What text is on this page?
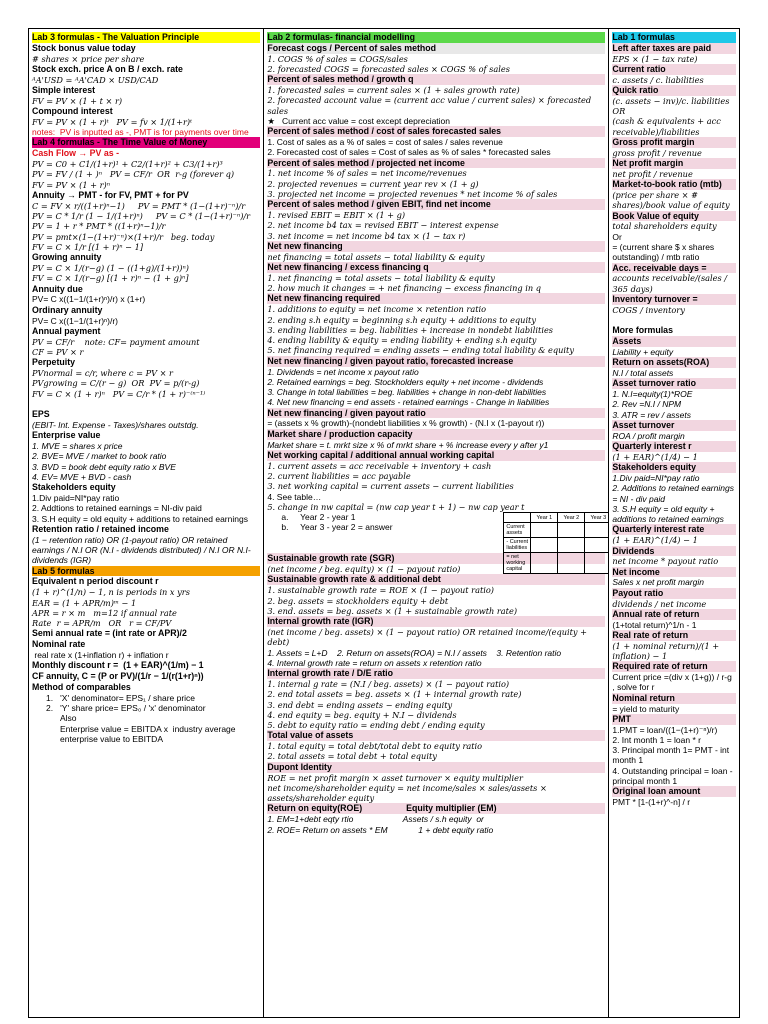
Lab 3 formulas - The Valuation Principle
Stock bonus value today
# shares × price per share
Stock exch. price A on B / exch. rate
ᴬA'USD = ᴬA'CAD × USD/CAD
Simple interest
FV = PV × (1 + t × r)
Compound interest
FV = PV × (1 + r)ᵗ   PV = fv × 1/(1+r)ᵗ
notes:  PV is inputted as -, PMT is for payments over time
Lab 4 formulas - The Time Value of Money
Cash Flow → PV as -
PV = C0 + C1/(1+r)¹ + C2/(1+r)² + C3/(1+r)³
PV = FV / (1 + )ⁿ   PV = CF/r  OR  r-g (forever q)
FV = PV × (1 + r)ⁿ
Annuity → PMT - for FV, PMT + for PV
C = FV × r/((1+r)ⁿ−1)     PV = PMT * (1−(1+r)⁻ⁿ)/r
PV = C * 1/r (1 − 1/(1+r)ⁿ)     PV = C * (1−(1+r)⁻ⁿ)/r
PV = 1 + r * PMT * ((1+r)ⁿ−1)/r
PV = pmt×(1−(1+r)⁻ⁿ)×(1+r)/r   beg. today
FV = C × 1/r [(1 + r)ⁿ − 1]
Growing annuity
PV = C × 1/(r−g) (1 − ((1+g)/(1+r))ⁿ)
FV = C × 1/(r−g) [(1 + r)ⁿ − (1 + g)ⁿ]
Annuity due
PV= C x((1−1/(1+r)ⁿ)/r) x (1+r)
Ordinary annuity
PV= C x((1−1/(1+r)ⁿ)/r)
Annual payment
PV = CF/r    note: CF= payment amount
CF = PV × r
Perpetuity
PVnormal = c/r, where c = PV × r
PVgrowing = C/(r − g)  OR  PV = p/(r-g)
FV = C × (1 + r)ⁿ   PV = C/r * (1 + r)⁻⁽ⁿ⁻¹⁾

EPS
(EBIT- Int. Expense - Taxes)/shares outstdg.
Enterprise value
1. MVE = shares x price
2. BVE= MVE / market to book ratio
3. BVD = book debt equity ratio x BVE
4. EV= MVE + BVD - cash
Stakeholders equity
1.Div paid=NI*pay ratio
2. Addtions to retained earnings = NI-div paid
3. S.H equity = old equity + additions to retained earnings
Retention ratio / retained income
(1 − retention ratio) OR (1-payout ratio) OR retained earnings / N.I OR (N.I - dividends distributed) / N.I OR N.I-dividends (IGR)
Lab 5 formulas
Equivalent n period discount r
(1 + r)^(1/n) − 1, n is periods in x yrs
EAR = (1 + APR/m)ᵐ − 1
APR = r × m   m=12 if annual rate
Rate  r = APR/m   OR   r = CF/PV
Semi annual rate = (int rate or APR)/2
Nominal rate
real rate x (1+inflation r) + inflation r
Monthly discount r =  (1 + EAR)^(1/m) − 1
CF annuity, C = (P or PV)/(1/r − 1/(r(1+r)ⁿ))
Method of comparables
1.   'X' denominator= EPS₁ / share price
2.   'Y' share price= EPS₀ / 'x' denominator
Also
Enterprise value = EBITDA x  industry average enterprise value to EBITDA
Lab 2 formulas- financial modelling
Forecast cogs / Percent of sales method
1. COGS % of sales = COGS/sales
2. forecasted COGS = forecasted sales × COGS % of sales
Percent of sales method / growth q
1. forecasted sales = current sales × (1 + sales growth rate)
2. forecasted account value = (current acc value / current sales) × forecasted sales
★   Current acc value = cost except depreciation
Percent of sales method / cost of sales forecasted sales
1. Cost of sales as a % of sales = cost of sales / sales revenue
2. Forecasted cost of sales = Cost of sales as % of sales * forecasted sales
Percent of sales method / projected net income
1. net income % of sales = net income/revenues
2. projected revenues = current year rev × (1 + g)
3. projected net income = projected revenues * net income % of sales
Percent of sales method / given EBIT, find net income
1. revised EBIT = EBIT × (1 + g)
2. net income b4 tax = revised EBIT − interest expense
3. net income = net income b4 tax × (1 − tax r)
Net new financing
net financing = total assets − total liability & equity
Net new financing / excess financing q
1. net financing = total assets − total liability & equity
2. how much it changes = + net financing − excess financing in q
Net new financing required
1. additions to equity = net income × retention ratio
2. ending s.h equity = beginning s.h equity + additions to equity
3. ending liabilities = beg. liabilities + increase in nondebt liabilities
4. ending liability & equity = ending liability + ending s.h equity
5. net financing required = ending assets − ending total liability & equity
Net new financing / given payout ratio, forecasted increase
1. Dividends = net income x payout ratio
2. Retained earnings = beg. Stockholders equity + net income - dividends
3. Change in total liabilities = beg. liabilities + change in non-debt liabilities
4. Net new financing = end assets - retained earnings - Change in liabilities
Net new financing / given payout ratio
= (assets x % growth)-(nondebt liabilities x % growth) - (N.I x (1-payout r))
Market share / production capacity
Market share = t. mrkt size x % of mrkt share + % increase every y after y1
Net working capital / additional annual working capital
1. current assets = acc receivable + inventory + cash
2. current liabilities = acc payable
3. net working capital = current assets − current liabilities
4. See table…
5. change in nw capital = (nw cap year t + 1) − nw cap year t
a.     Year 2 - year 1
		Year 1	Year 2	Year 3
Current assets			
- Current liabilities			
= net working capital			
b.     Year 3 - year 2 = answer

Sustainable growth rate (SGR)
(net income / beg. equity) × (1 − payout ratio)
Sustainable growth rate & additional debt
1. sustainable growth rate = ROE × (1 − payout ratio)
2. beg. assets = stockholders equity + debt
3. end. assets = beg. assets × (1 + sustainable growth rate)
Internal growth rate (IGR)
(net income / beg. assets) × (1 − payout ratio) OR retained income/(equity + debt)
1. Assets = L+D    2. Return on assets(ROA) = N.I / assets    3. Retention ratio
4. Internal growth rate = return on assets x retention ratio
Internal growth rate / D/E ratio
1. internal g rate = (N.I / beg. assets) × (1 − payout ratio)
2. end total assets = beg. assets × (1 + internal growth rate)
3. end debt = ending assets − ending equity
4. end equity = beg. equity + N.I − dividends
5. debt to equity ratio = ending debt / ending equity
Total value of assets
1. total equity = total debt/total debt to equity ratio
2. total assets = total debt + total equity
Dupont Identity
ROE = net profit margin × asset turnover × equity multiplier
net income/shareholder equity = net income/sales × sales/assets × assets/shareholder equity
Return on equity(ROE)                  Equity multiplier (EM)
1. EM=1+debt eqty rtio                     Assets / s.h equity  or
2. ROE= Return on assets * EM             1 + debt equity ratio
Lab 1 formulas
Left after taxes are paid
EPS × (1 − tax rate)
Current ratio
c. assets / c. liabilities
Quick ratio
(c. assets − inv)/c. liabilities  OR
(cash & equivalents + acc receivable)/liabilities
Gross profit margin
gross profit / revenue
Net profit margin
net profit / revenue
Market-to-book ratio (mtb)
(price per share × # shares)/book value of equity
Book Value of equity
total shareholders equity
Or
= (current share $ x shares outstanding) / mtb ratio
Acc. receivable days =
accounts receivable/(sales / 365 days)
Inventory turnover =
COGS / inventory

More formulas
Assets
Liability + equity
Return on assets(ROA)
N.I / total assets
Asset turnover ratio
1. N.I=equity(1)*ROE
2. Rev =N.I / NPM
3. ATR = rev / assets
Asset turnover
ROA / profit margin
Quarterly interest r
(1 + EAR)^(1/4) − 1
Stakeholders equity
1.Div paid=NI*pay ratio
2. Additions to retained earnings = NI - div paid
3. S.H equity = old equity + additions to retained earnings
Quarterly interest rate
(1 + EAR)^(1/4) − 1
Dividends
net income * payout ratio
Net income
Sales x net profit margin
Payout ratio
dividends / net income
Annual rate of return
(1+total return)^1/n - 1
Real rate of return
(1 + nominal return)/(1 + inflation) − 1
Required rate of return
Current price =(div x (1+g)) / r-g , solve for r
Nominal return
= yield to maturity
PMT
1.PMT = loan/((1−(1+r)⁻ⁿ)/r)
2. Int month 1 = loan * r
3. Principal month 1= PMT - int month 1
4. Outstanding principal = loan - principal month 1
Original loan amount
PMT * [1-(1+r)^-n] / r
